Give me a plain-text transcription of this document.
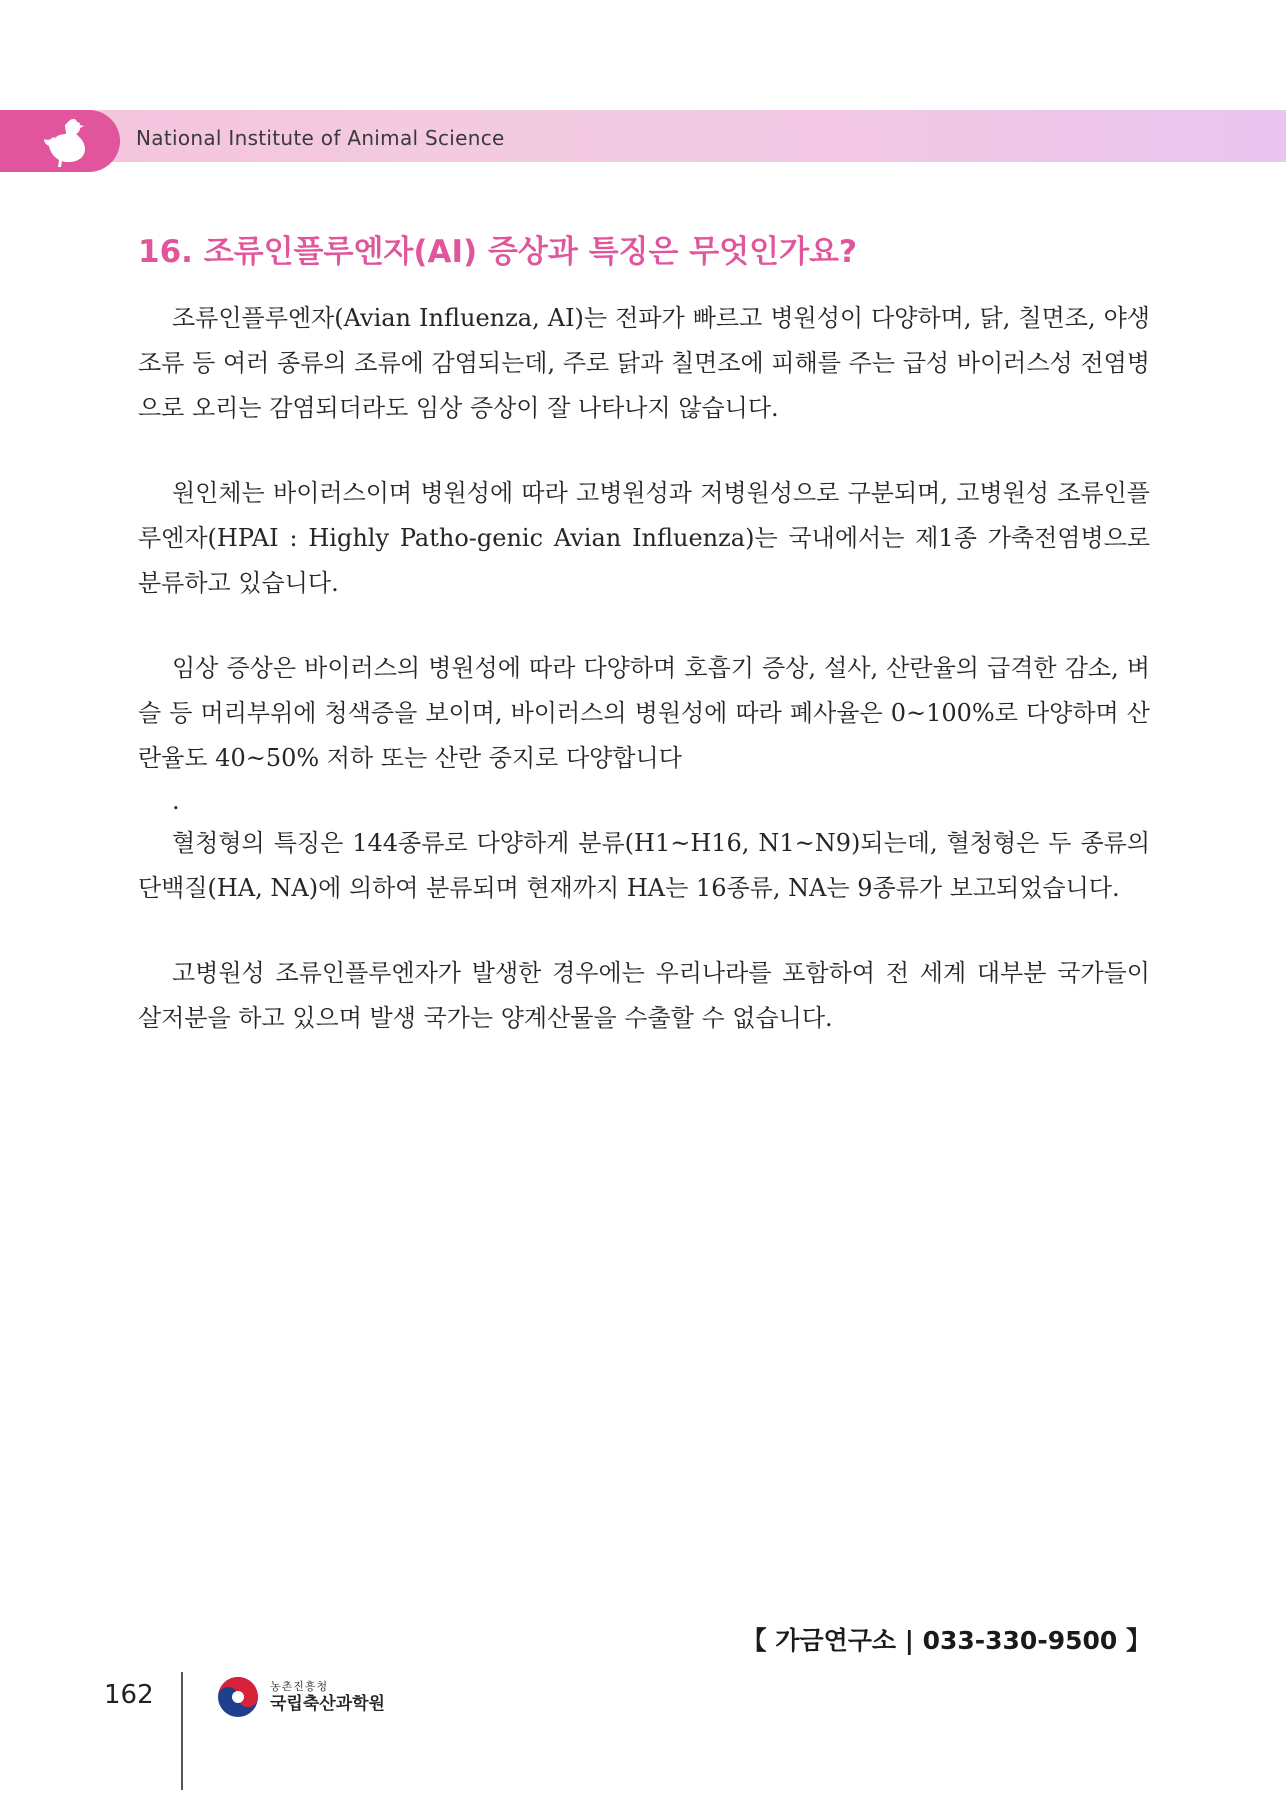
National Institute of Animal Science
16. 조류인플루엔자(AI) 증상과 특징은 무엇인가요?

조류인플루엔자(Avian Influenza, AI)는 전파가 빠르고 병원성이 다양하며, 닭, 칠면조, 야생조류 등 여러 종류의 조류에 감염되는데, 주로 닭과 칠면조에 피해를 주는 급성 바이러스성 전염병으로 오리는 감염되더라도 임상 증상이 잘 나타나지 않습니다.

원인체는 바이러스이며 병원성에 따라 고병원성과 저병원성으로 구분되며, 고병원성 조류인플루엔자(HPAI : Highly Patho-genic Avian Influenza)는 국내에서는 제1종 가축전염병으로 분류하고 있습니다.

임상 증상은 바이러스의 병원성에 따라 다양하며 호흡기 증상, 설사, 산란율의 급격한 감소, 벼슬 등 머리부위에 청색증을 보이며, 바이러스의 병원성에 따라 폐사율은 0~100%로 다양하며 산란율도 40~50% 저하 또는 산란 중지로 다양합니다

.

혈청형의 특징은 144종류로 다양하게 분류(H1~H16, N1~N9)되는데, 혈청형은 두 종류의 단백질(HA, NA)에 의하여 분류되며 현재까지 HA는 16종류, NA는 9종류가 보고되었습니다.

고병원성 조류인플루엔자가 발생한 경우에는 우리나라를 포함하여 전 세계 대부분 국가들이 살저분을 하고 있으며 발생 국가는 양계산물을 수출할 수 없습니다.

【 가금연구소 | 033-330-9500 】
162	농촌진흥청
국립축산과학원
